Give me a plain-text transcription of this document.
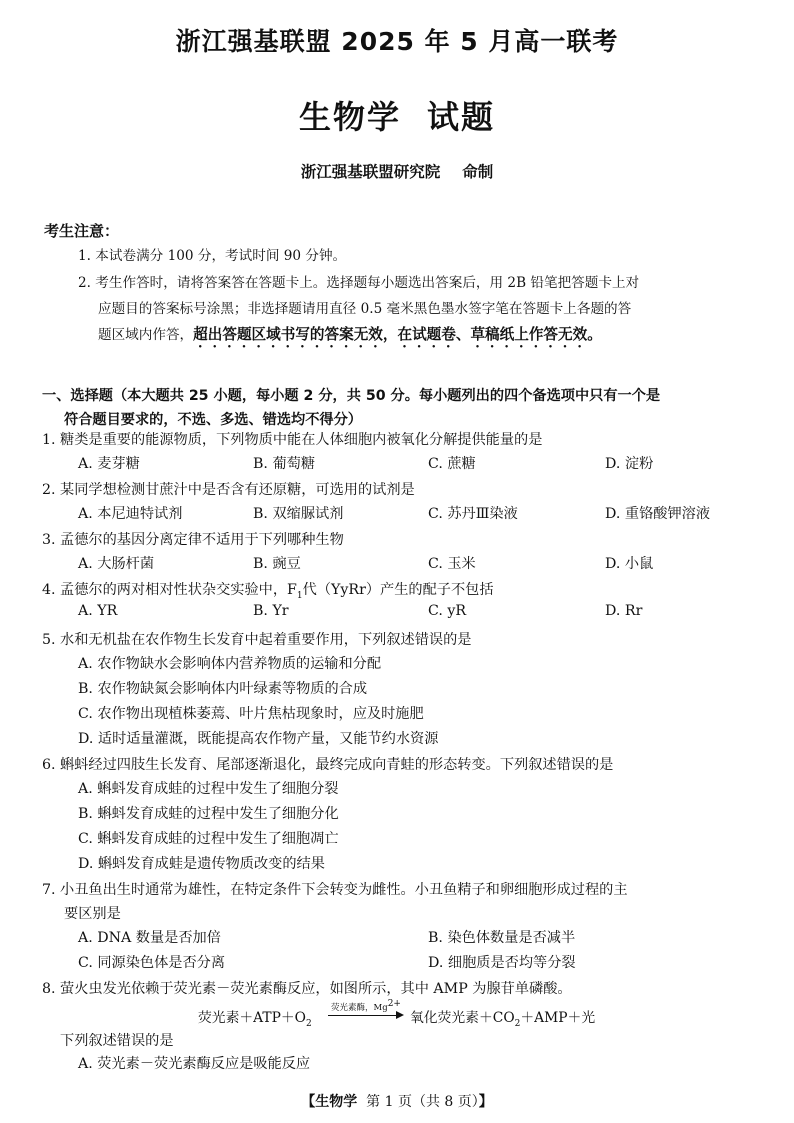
浙江强基联盟 2025 年 5 月高一联考
生物学 试题
浙江强基联盟研究院 命制
考生注意：
1. 本试卷满分 100 分，考试时间 90 分钟。
2. 考生作答时，请将答案答在答题卡上。选择题每小题选出答案后，用 2B 铅笔把答题卡上对
应题目的答案标号涂黑；非选择题请用直径 0.5 毫米黑色墨水签字笔在答题卡上各题的答
题区域内作答，超出答题区域书写的答案无效，在试题卷、草稿纸上作答无效。
一、选择题（本大题共 25 小题，每小题 2 分，共 50 分。每小题列出的四个备选项中只有一个是
符合题目要求的，不选、多选、错选均不得分）
1. 糖类是重要的能源物质，下列物质中能在人体细胞内被氧化分解提供能量的是
A. 麦芽糖	B. 葡萄糖	C. 蔗糖	D. 淀粉
2. 某同学想检测甘蔗汁中是否含有还原糖，可选用的试剂是
A. 本尼迪特试剂	B. 双缩脲试剂	C. 苏丹Ⅲ染液	D. 重铬酸钾溶液
3. 孟德尔的基因分离定律不适用于下列哪种生物
A. 大肠杆菌	B. 豌豆	C. 玉米	D. 小鼠
4. 孟德尔的两对相对性状杂交实验中，$F_1$代（YyRr）产生的配子不包括
A. YR	B. Yr	C. yR	D. Rr
5. 水和无机盐在农作物生长发育中起着重要作用，下列叙述错误的是
A. 农作物缺水会影响体内营养物质的运输和分配
B. 农作物缺氮会影响体内叶绿素等物质的合成
C. 农作物出现植株萎蔫、叶片焦枯现象时，应及时施肥
D. 适时适量灌溉，既能提高农作物产量，又能节约水资源
6. 蝌蚪经过四肢生长发育、尾部逐渐退化，最终完成向青蛙的形态转变。下列叙述错误的是
A. 蝌蚪发育成蛙的过程中发生了细胞分裂
B. 蝌蚪发育成蛙的过程中发生了细胞分化
C. 蝌蚪发育成蛙的过程中发生了细胞凋亡
D. 蝌蚪发育成蛙是遗传物质改变的结果
7. 小丑鱼出生时通常为雄性，在特定条件下会转变为雌性。小丑鱼精子和卵细胞形成过程的主
要区别是
A. DNA 数量是否加倍	B. 染色体数量是否减半
C. 同源染色体是否分离	D. 细胞质是否均等分裂
8. 萤火虫发光依赖于荧光素－荧光素酶反应，如图所示，其中 AMP 为腺苷单磷酸。
荧光素$+ATP+O_2$
荧光素酶，$Mg^{2+}$
氧化荧光素$+CO_2+AMP+$光
下列叙述错误的是
A. 荧光素－荧光素酶反应是吸能反应
【生物学 第 1 页（共 8 页）】
